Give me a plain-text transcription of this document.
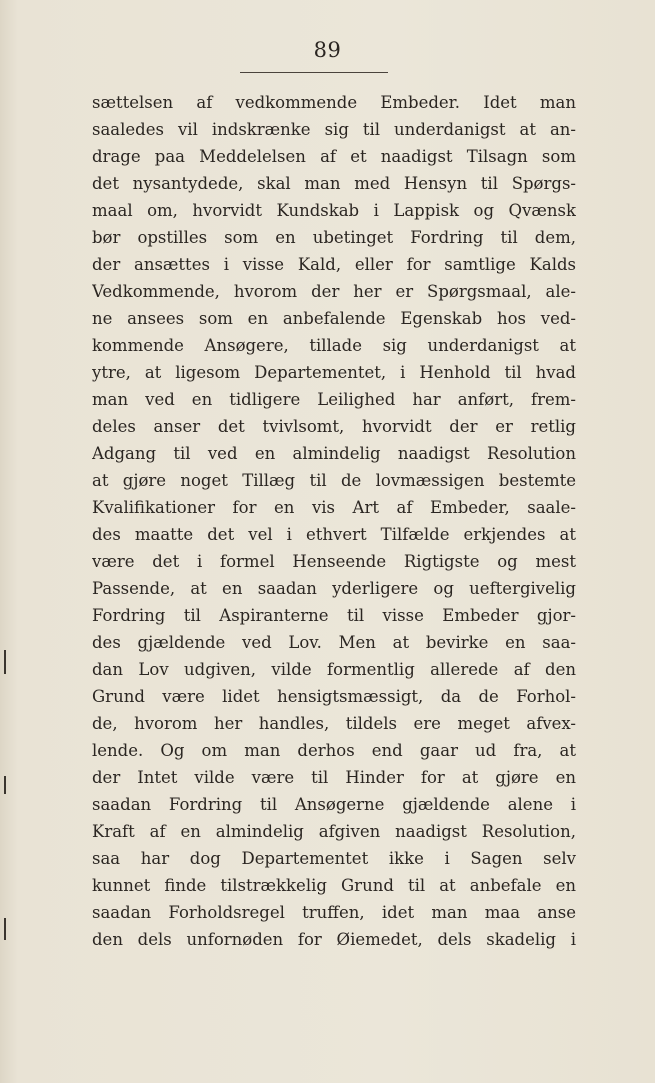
89
sættelsen af vedkommende Embeder. Idet man
saaledes vil indskrænke sig til underdanigst at an-
drage paa Meddelelsen af et naadigst Tilsagn som
det nysantydede, skal man med Hensyn til Spørgs-
maal om, hvorvidt Kundskab i Lappisk og Qvænsk
bør opstilles som en ubetinget Fordring til dem,
der ansættes i visse Kald, eller for samtlige Kalds
Vedkommende, hvorom der her er Spørgsmaal, ale-
ne ansees som en anbefalende Egenskab hos ved-
kommende Ansøgere, tillade sig underdanigst at
ytre, at ligesom Departementet, i Henhold til hvad
man ved en tidligere Leilighed har anført, frem-
deles anser det tvivlsomt, hvorvidt der er retlig
Adgang til ved en almindelig naadigst Resolution
at gjøre noget Tillæg til de lovmæssigen bestemte
Kvalifikationer for en vis Art af Embeder, saale-
des maatte det vel i ethvert Tilfælde erkjendes at
være det i formel Henseende Rigtigste og mest
Passende, at en saadan yderligere og ueftergivelig
Fordring til Aspiranterne til visse Embeder gjor-
des gjældende ved Lov. Men at bevirke en saa-
dan Lov udgiven, vilde formentlig allerede af den
Grund være lidet hensigtsmæssigt, da de Forhol-
de, hvorom her handles, tildels ere meget afvex-
lende. Og om man derhos end gaar ud fra, at
der Intet vilde være til Hinder for at gjøre en
saadan Fordring til Ansøgerne gjældende alene i
Kraft af en almindelig afgiven naadigst Resolution,
saa har dog Departementet ikke i Sagen selv
kunnet finde tilstrækkelig Grund til at anbefale en
saadan Forholdsregel truffen, idet man maa anse
den dels unfornøden for Øiemedet, dels skadelig i
